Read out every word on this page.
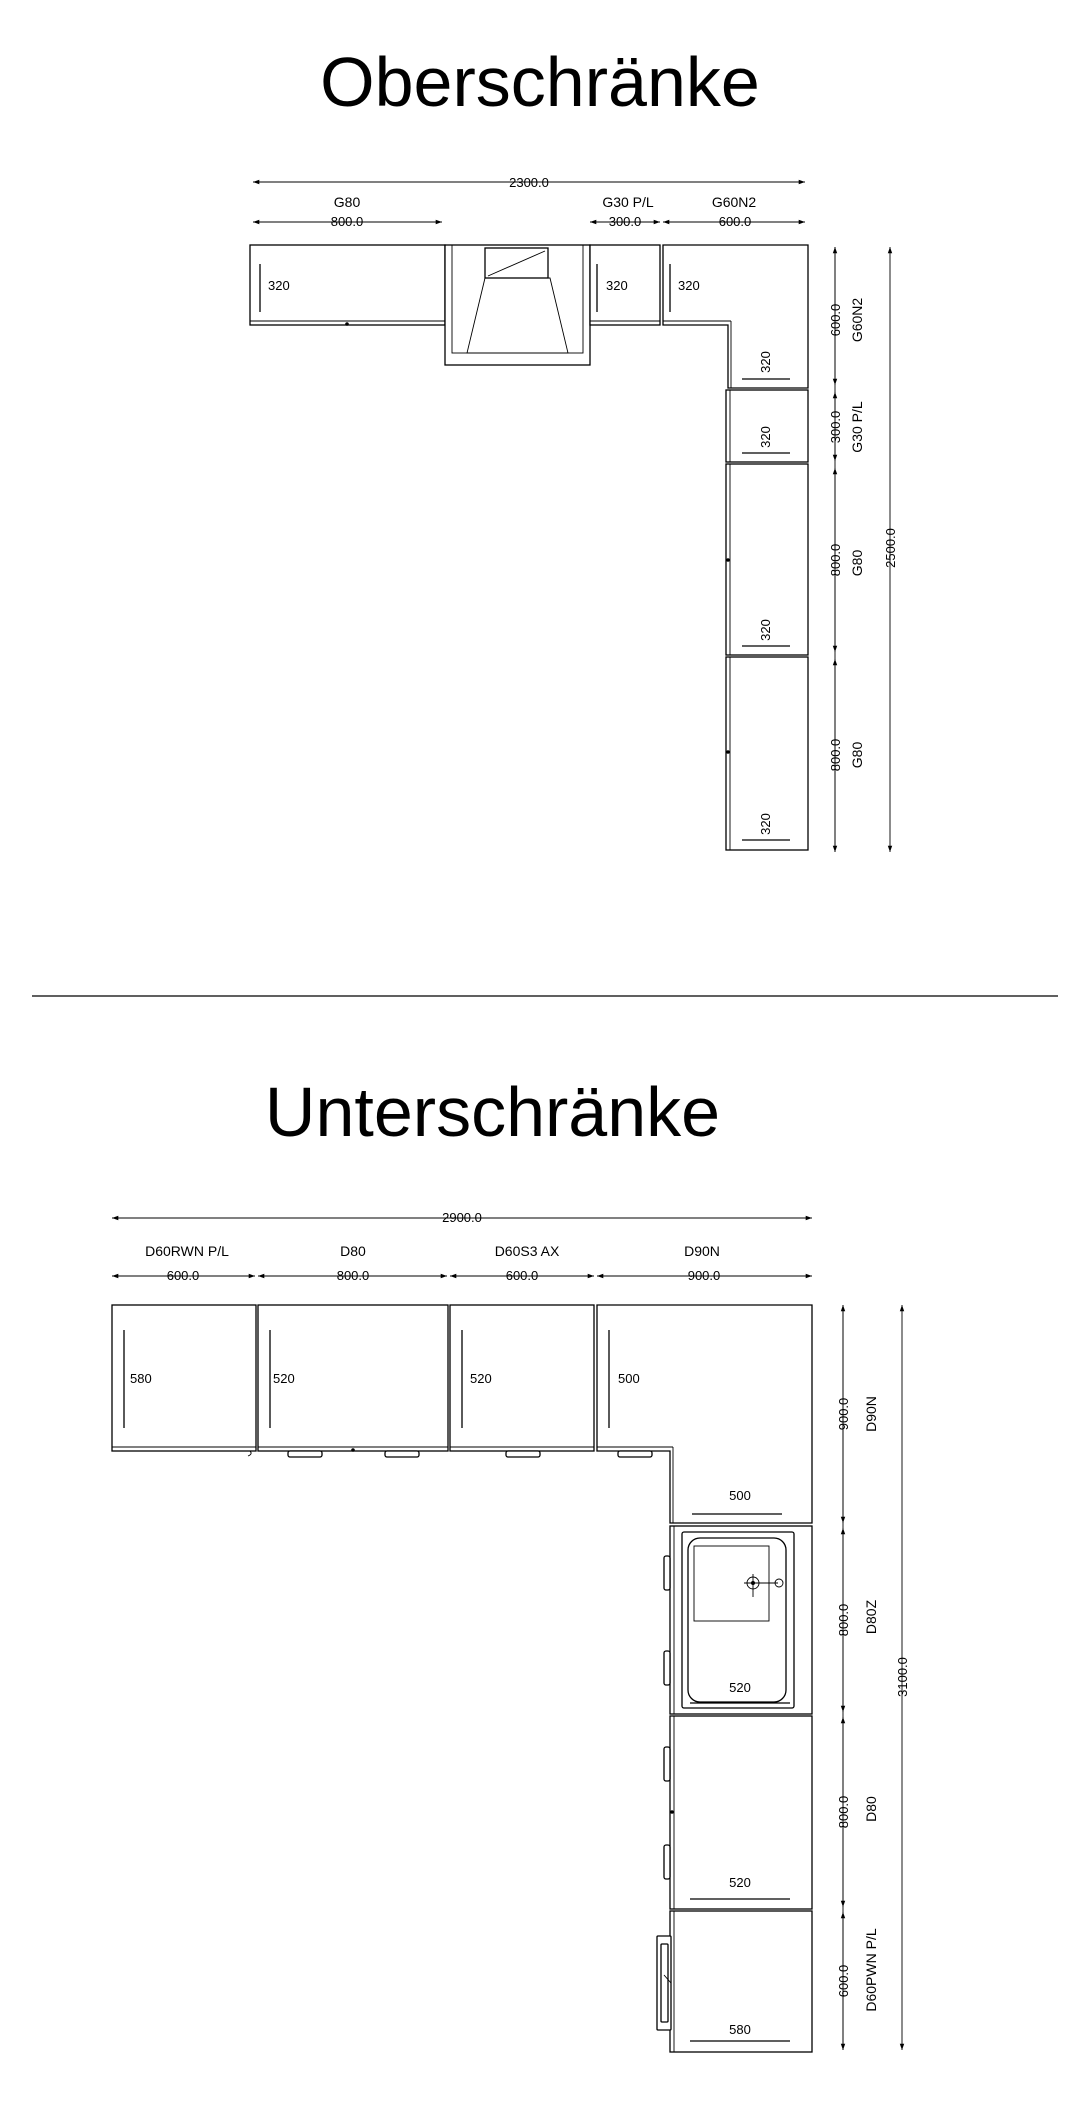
Oberschränke
Unterschränke
2300.0
800.0	300.0	600.0
G80	G30 P/L	G60N2
600.0
300.0
800.0
800.0
G60N2
G30 P/L
G80
G80
2500.0
320	320	320
320
320
320
320
2900.0
600.0	800.0	600.0	900.0
D60RWN P/L	D80	D60S3 AX	D90N
900.0
800.0
800.0
600.0
D90N
D80Z
D80
D60PWN P/L
3100.0
580	520	520	500
500
520
520
580
